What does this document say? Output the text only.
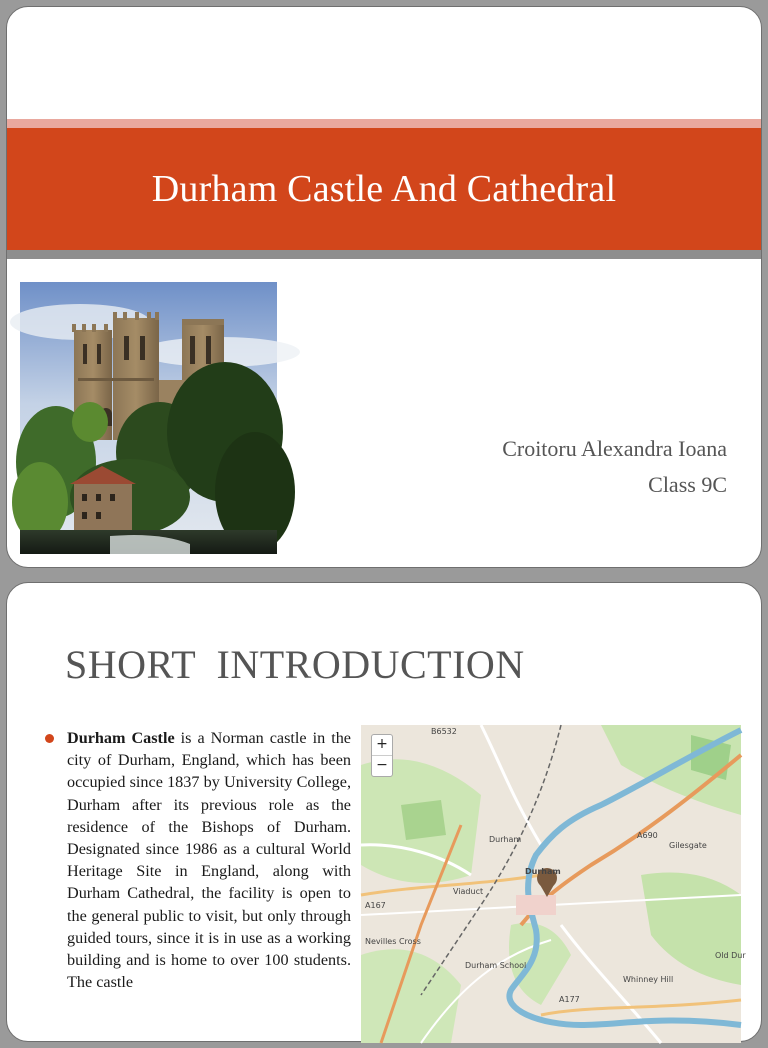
Durham Castle And Cathedral
Croitoru Alexandra Ioana
Class 9C
SHORT  INTRODUCTION

Durham Castle is a Norman castle in the city of Durham, England, which has been occupied since 1837 by University College, Durham after its previous role as the residence of the Bishops of Durham. Designated since 1986 as a cultural World Heritage Site in England, along with Durham Cathedral, the facility is open to the general public to visit, but only through guided tours, since it is in use as a working building and is home to over 100 students. The castle

+
−
Durham
Durham
Viaduct
Nevilles Cross
A690
A167
A177
B6532
Gilesgate
Old Dur
Whinney Hill
Durham School
